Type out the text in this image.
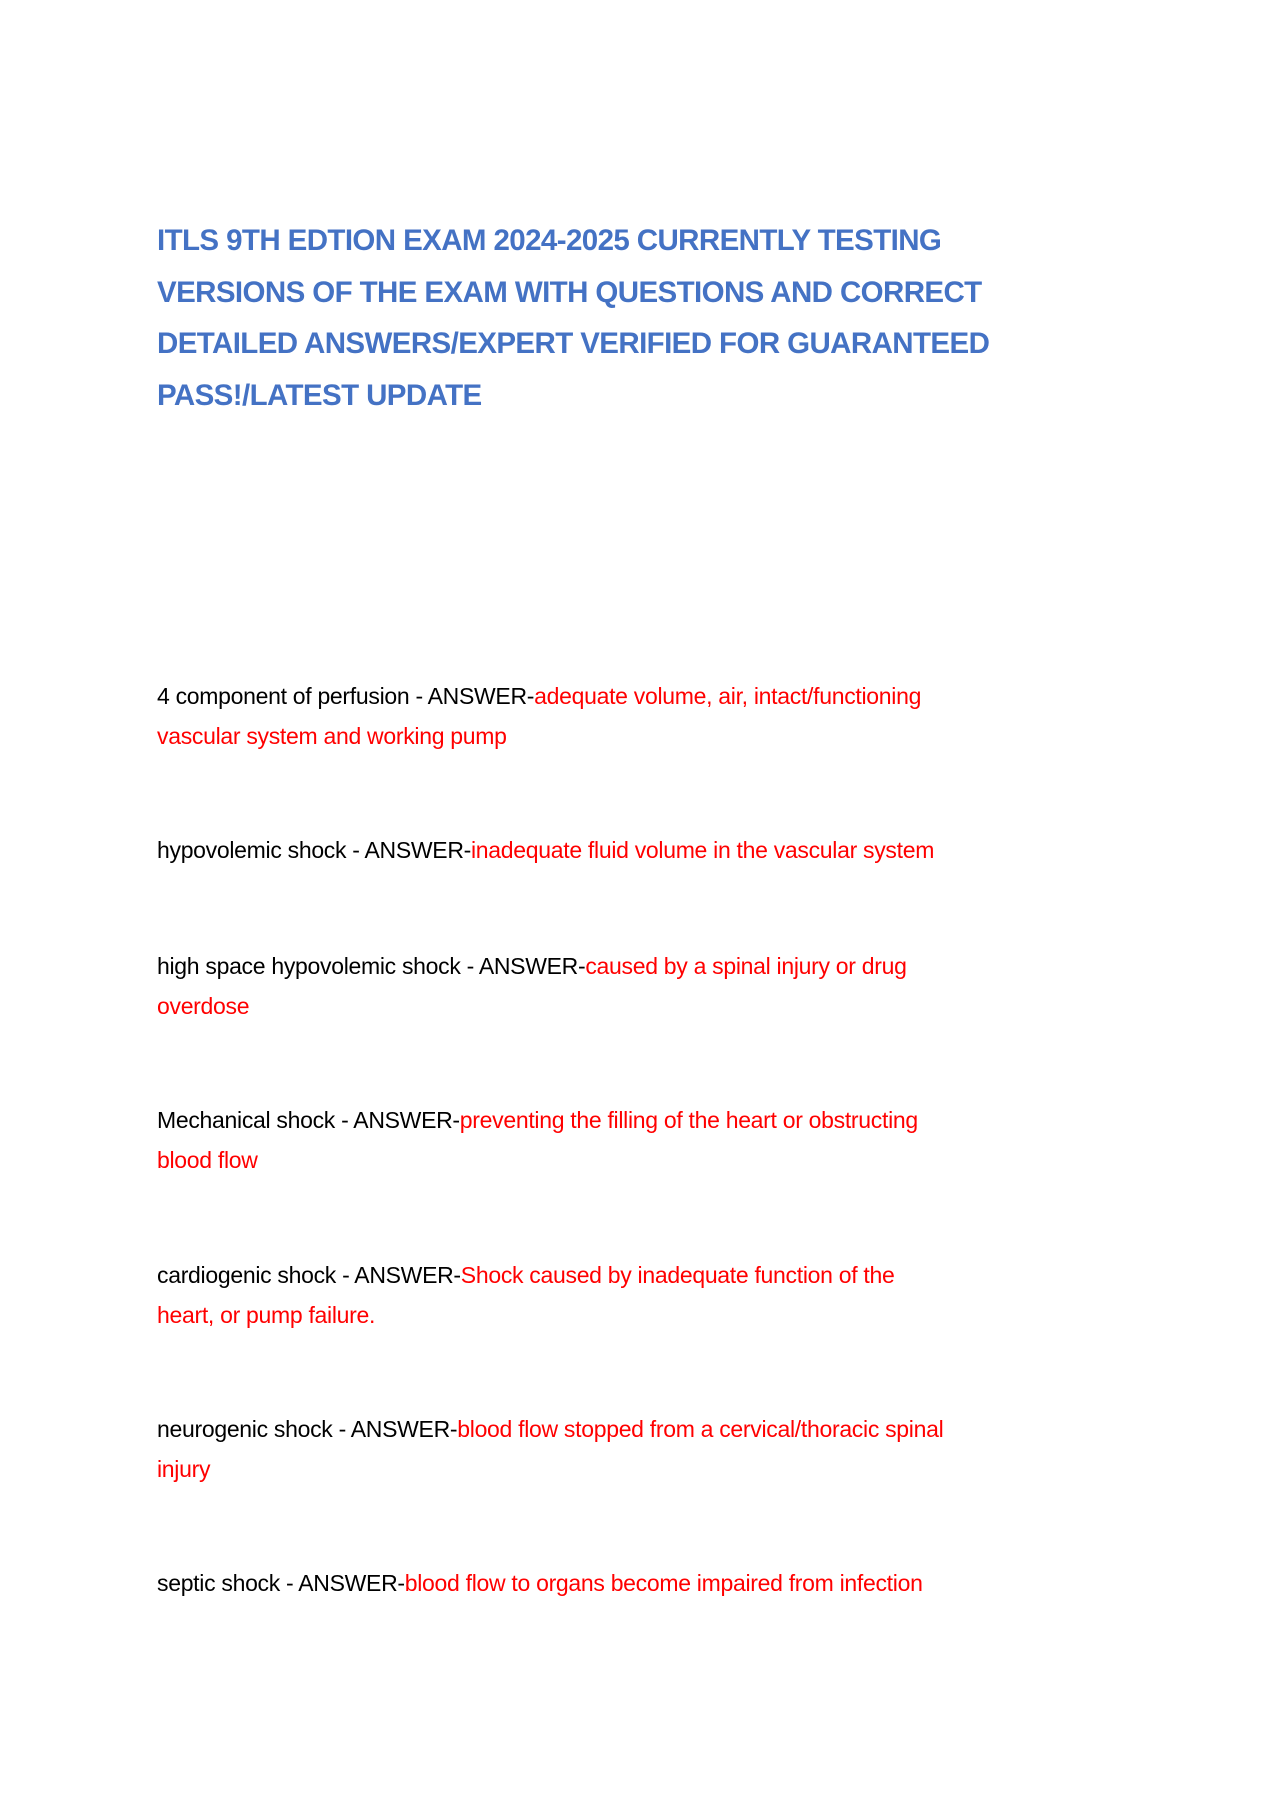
ITLS 9TH EDTION EXAM 2024-2025 CURRENTLY TESTING
VERSIONS OF THE EXAM WITH QUESTIONS AND CORRECT
DETAILED ANSWERS/EXPERT VERIFIED FOR GUARANTEED
PASS!/LATEST UPDATE
4 component of perfusion - ANSWER-adequate volume, air, intact/functioning
vascular system and working pump
hypovolemic shock - ANSWER-inadequate fluid volume in the vascular system
high space hypovolemic shock - ANSWER-caused by a spinal injury or drug
overdose
Mechanical shock - ANSWER-preventing the filling of the heart or obstructing
blood flow
cardiogenic shock - ANSWER-Shock caused by inadequate function of the
heart, or pump failure.
neurogenic shock - ANSWER-blood flow stopped from a cervical/thoracic spinal
injury
septic shock - ANSWER-blood flow to organs become impaired from infection
